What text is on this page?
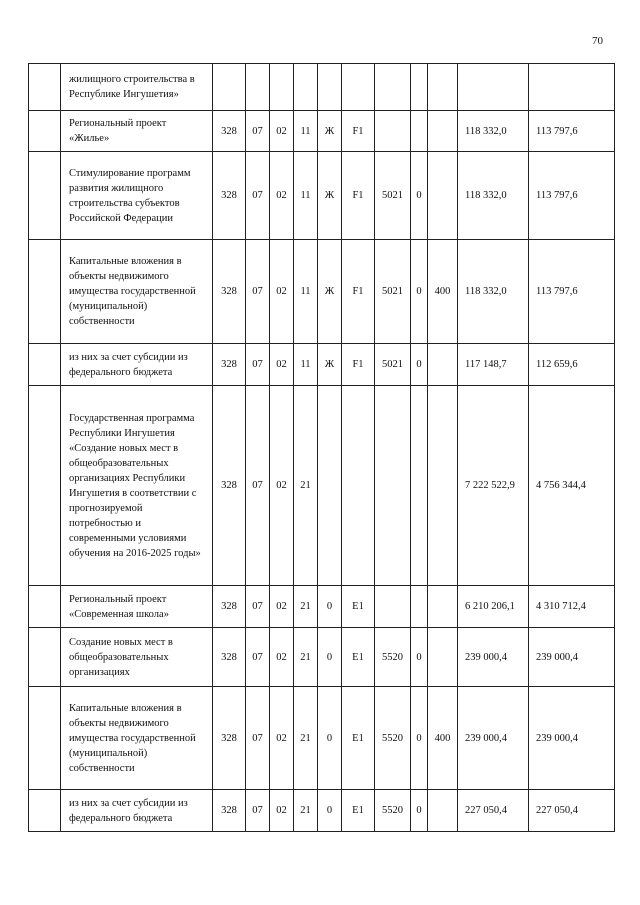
70
	жилищного строительства в Республике Ингушетия»											
	Региональный проект «Жилье»	328	07	02	11	Ж	F1				118 332,0	113 797,6
	Стимулирование программ развития жилищного строительства субъектов Российской Федерации	328	07	02	11	Ж	F1	5021	0		118 332,0	113 797,6
	Капитальные вложения в объекты недвижимого имущества государственной (муниципальной) собственности	328	07	02	11	Ж	F1	5021	0	400	118 332,0	113 797,6
	из них за счет субсидии из федерального бюджета	328	07	02	11	Ж	F1	5021	0		117 148,7	112 659,6
	Государственная программа Республики Ингушетия «Создание новых мест в общеобразовательных организациях Республики Ингушетия в соответствии с прогнозируемой потребностью и современными условиями обучения на 2016-2025 годы»	328	07	02	21						7 222 522,9	4 756 344,4
	Региональный проект «Современная школа»	328	07	02	21	0	E1				6 210 206,1	4 310 712,4
	Создание новых мест в общеобразовательных организациях	328	07	02	21	0	E1	5520	0		239 000,4	239 000,4
	Капитальные вложения в объекты недвижимого имущества государственной (муниципальной) собственности	328	07	02	21	0	E1	5520	0	400	239 000,4	239 000,4
	из них за счет субсидии из федерального бюджета	328	07	02	21	0	E1	5520	0		227 050,4	227 050,4
